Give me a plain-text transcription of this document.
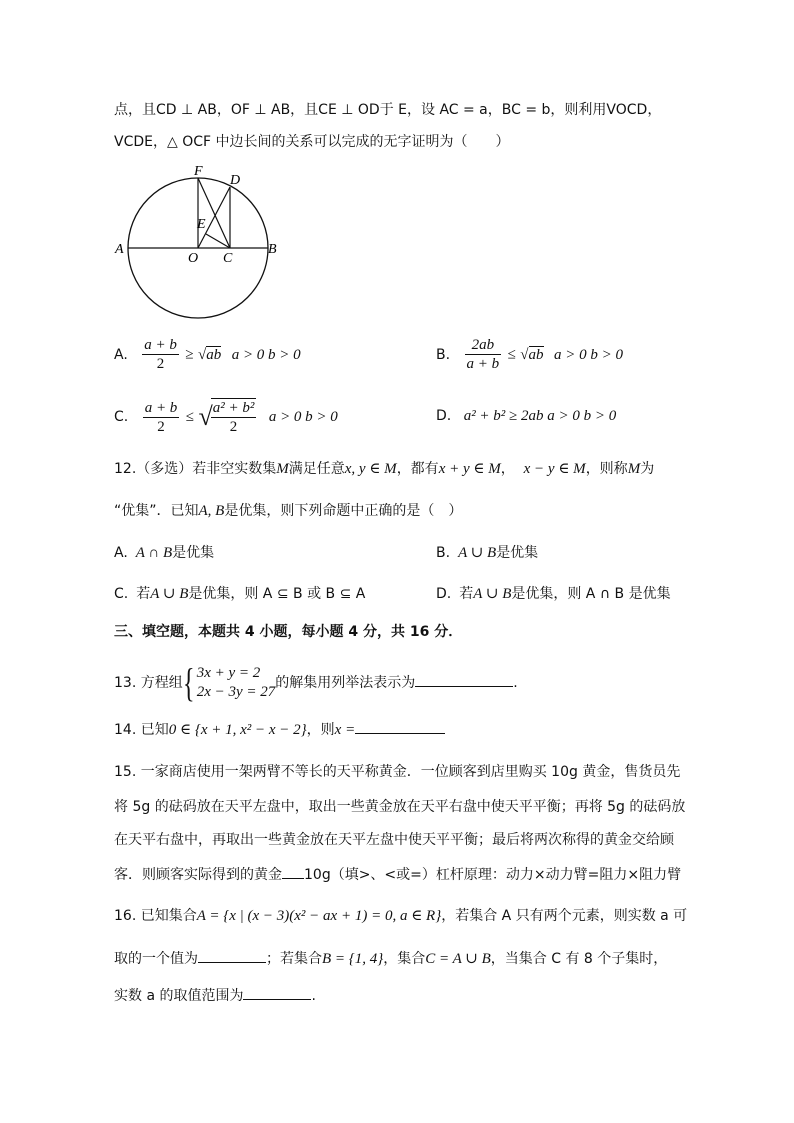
点，且CD ⊥ AB，OF ⊥ AB，且CE ⊥ OD于 E，设 AC = a，BC = b，则利用VOCD，
VCDE，△ OCF 中边长间的关系可以完成的无字证明为（　　）
F
D
E
A
O C
B
A. $\frac{a + b}{2} \ge √ab$ a > 0 b > 0	B. $\frac{2ab}{a + b} \le √ab$ a > 0 b > 0
C. $\frac{a + b}{2}$ ≤ √
$\frac{\text{a² + b²}}{2}$ a > 0 b > 0	D. a² + b² ≥ 2ab a > 0 b > 0
12.（多选）若非空实数集M满足任意x, y ∈ M，都有x + y ∈ M， x − y ∈ M，则称M为
“优集”．已知A, B是优集，则下列命题中正确的是（　）
A. A ∩ B是优集	B. A ∪ B是优集
C. 若A ∪ B是优集，则 A ⊆ B 或 B ⊆ A	D. 若A ∪ B是优集，则 A ∩ B 是优集
三、填空题，本题共 4 小题，每小题 4 分，共 16 分．
13. 方程组 { 3x + y = 2
2x − 3y = 27
的解集用列举法表示为	.
14. 已知0 ∈ {x + 1, x² − x − 2}，则x =
15. 一家商店使用一架两臂不等长的天平称黄金．一位顾客到店里购买 10g 黄金，售货员先
将 5g 的砝码放在天平左盘中，取出一些黄金放在天平右盘中使天平平衡；再将 5g 的砝码放
在天平右盘中，再取出一些黄金放在天平左盘中使天平平衡；最后将两次称得的黄金交给顾
客．则顾客实际得到的黄金 10g（填>、<或=）杠杆原理：动力×动力臂=阻力×阻力臂
16. 已知集合A = {x | (x − 3)(x² − ax + 1) = 0, a ∈ R}，若集合 A 只有两个元素，则实数 a 可
取的一个值为	；若集合B = {1, 4}，集合C = A ∪ B，当集合 C 有 8 个子集时，
实数 a 的取值范围为	.
